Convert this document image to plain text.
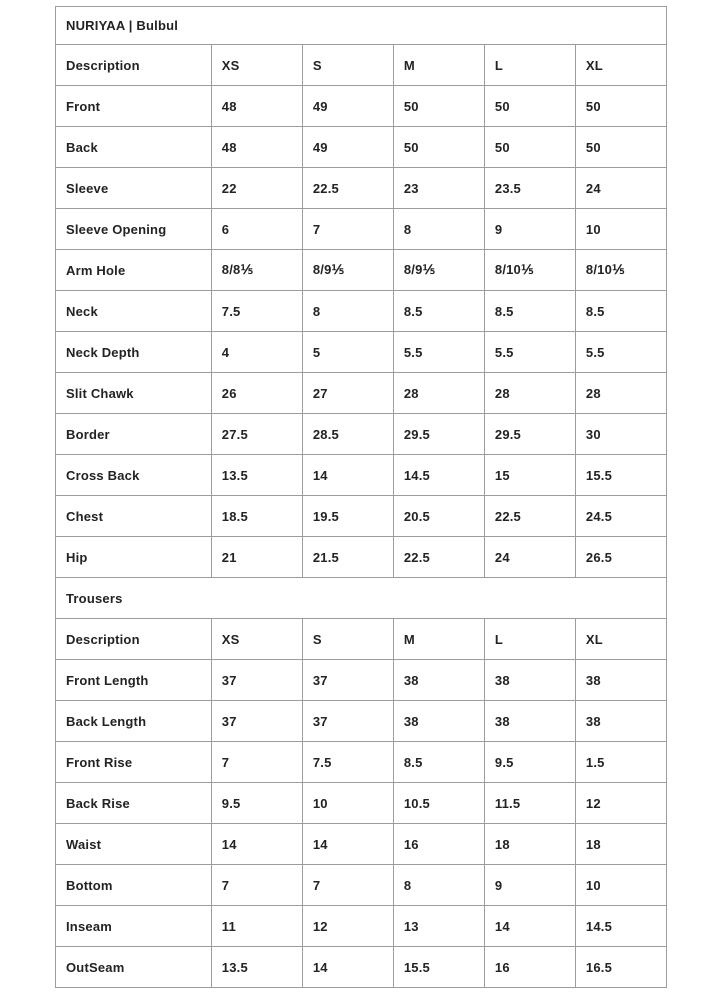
NURIYAA | Bulbul					
Description	XS	S	M	L	XL
Front	48	49	50	50	50
Back	48	49	50	50	50
Sleeve	22	22.5	23	23.5	24
Sleeve Opening	6	7	8	9	10
Arm Hole	8/8⅕	8/9⅕	8/9⅕	8/10⅕	8/10⅕
Neck	7.5	8	8.5	8.5	8.5
Neck Depth	4	5	5.5	5.5	5.5
Slit Chawk	26	27	28	28	28
Border	27.5	28.5	29.5	29.5	30
Cross Back	13.5	14	14.5	15	15.5
Chest	18.5	19.5	20.5	22.5	24.5
Hip	21	21.5	22.5	24	26.5
Trousers					
Description	XS	S	M	L	XL
Front Length	37	37	38	38	38
Back Length	37	37	38	38	38
Front Rise	7	7.5	8.5	9.5	1.5
Back Rise	9.5	10	10.5	11.5	12
Waist	14	14	16	18	18
Bottom	7	7	8	9	10
Inseam	11	12	13	14	14.5
OutSeam	13.5	14	15.5	16	16.5
